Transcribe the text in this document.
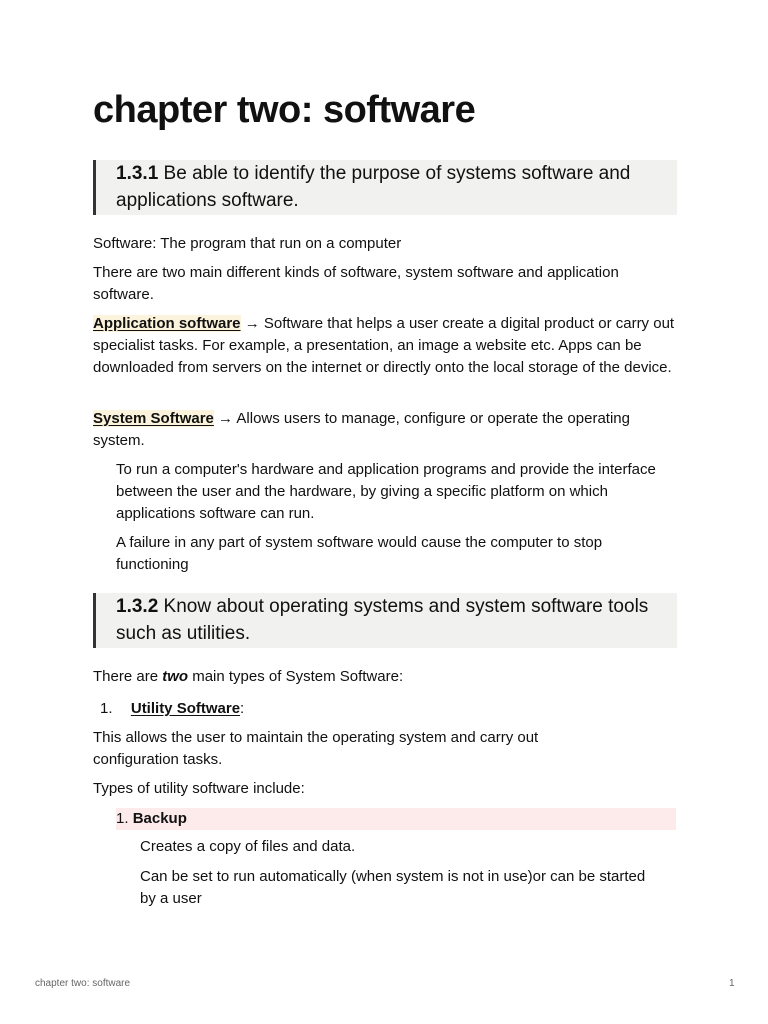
chapter two: software
1.3.1 Be able to identify the purpose of systems software and applications software.
Software: The program that run on a computer
There are two main different kinds of software, system software and application software.
Application software → Software that helps a user create a digital product or carry out specialist tasks. For example, a presentation, an image a website etc. Apps can be downloaded from servers on the internet or directly onto the local storage of the device.
System Software → Allows users to manage, configure or operate the operating system.
To run a computer's hardware and application programs and provide the interface between the user and the hardware, by giving a specific platform on which applications software can run.
A failure in any part of system software would cause the computer to stop functioning
1.3.2 Know about operating systems and system software tools such as utilities.
There are two main types of System Software:
1. Utility Software:
This allows the user to maintain the operating system and carry out configuration tasks.
Types of utility software include:
1. Backup
Creates a copy of files and data.
Can be set to run automatically (when system is not in use)or can be started by a user
chapter two: software	1
